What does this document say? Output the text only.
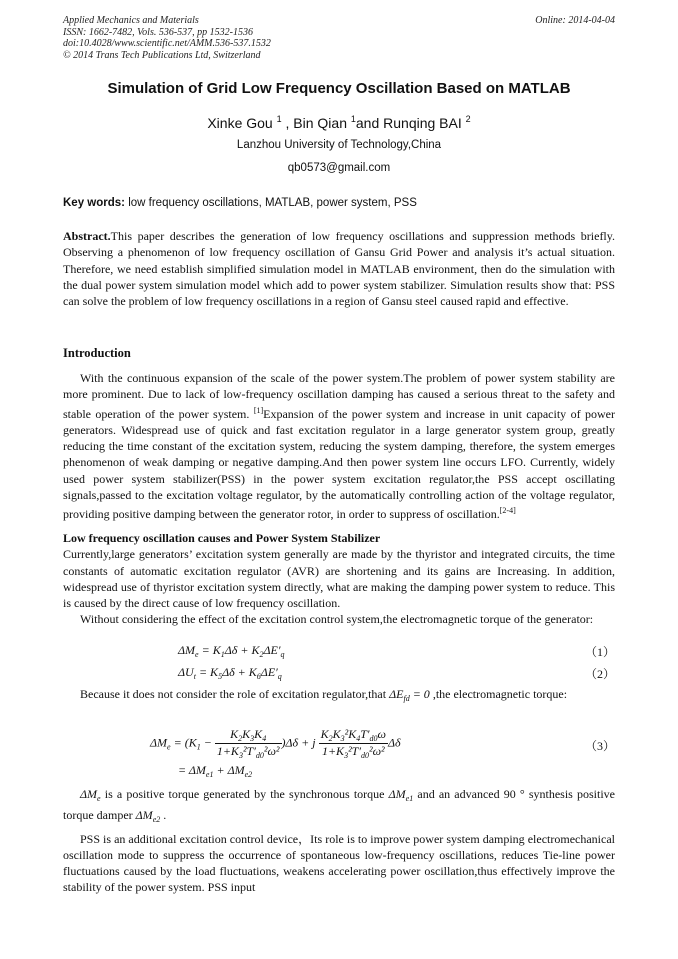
Applied Mechanics and Materials
ISSN: 1662-7482, Vols. 536-537, pp 1532-1536
doi:10.4028/www.scientific.net/AMM.536-537.1532
© 2014 Trans Tech Publications Ltd, Switzerland
Online: 2014-04-04
Simulation of Grid Low Frequency Oscillation Based on MATLAB
Xinke Gou $^1$ , Bin Qian $^1$and Runqing BAI $^2$
Lanzhou University of Technology,China
qb0573@gmail.com
Key words: low frequency oscillations, MATLAB, power system, PSS

Abstract.This paper describes the generation of low frequency oscillations and suppression methods briefly. Observing a phenomenon of low frequency oscillation of Gansu Grid Power and analysis it’s actual situation. Therefore, we need establish simplified simulation model in MATLAB environment, then do the simulation with the dual power system simulation model which add to power system stabilizer. Simulation results show that: PSS can solve the problem of low frequency oscillations in a region of Gansu steel caused rapid and effective.

Introduction

With the continuous expansion of the scale of the power system.The problem of power system stability are more prominent. Due to lack of low-frequency oscillation damping has caused a serious threat to the safety and stable operation of the power system. [1]Expansion of the power system and increase in unit capacity of power generators. Widespread use of quick and fast excitation regulator in a large generator system group, greatly reducing the time constant of the excitation system, reducing the system damping, therefore, the system emerges phenomenon of weak damping or negative damping.And then power system line occurs LFO. Currently, widely used power system stabilizer(PSS) in the power system excitation regulator,the PSS accept oscillating signals,passed to the excitation voltage regulator, by the automatically controlling action of the voltage regulator, providing positive damping between the generator rotor, in order to suppress of oscillation.[2-4]

Low frequency oscillation causes and Power System Stabilizer

Currently,large generators’ excitation system generally are made by the thyristor and integrated circuits, the time constants of automatic excitation regulator (AVR) are shortening and its gains are Increasing. In addition, widespread use of thyristor excitation system directly, what are making the damping power system to reduce. This is caused by the direct cause of low frequency oscillation.

Without considering the effect of the excitation control system,the electromagnetic torque of the generator:

$\Delta M_e = K_1\Delta\delta + K_2\Delta E'_q$	（1）
$\Delta U_t = K_5\Delta\delta + K_6\Delta E'_q$	（2）

Because it does not consider the role of excitation regulator,that $\Delta E_{fd} = 0$ ,the electromagnetic torque:

$\Delta M_e = (K_1 - \frac{K_2K_3K_4}{1+K_3^2T'_{d0}^2\omega^2} )\Delta\delta + j \frac{K_2K_3^2K_4T'_{d0}\omega}{1+K_3^2T'_{d0}^2\omega^2}$ Δδ	（3）
= $\Delta M_{e1} + \Delta M_{e2}$

$\Delta M_e$ is a positive torque generated by the synchronous torque $\Delta M_{e1}$ and an advanced 90 ° synthesis positive torque damper $\Delta M_{e2}$ .

PSS is an additional excitation control device，Its role is to improve power system damping electromechanical oscillation mode to suppress the occurrence of spontaneous low-frequency oscillations, reduces Tie-line power fluctuations caused by the load fluctuations, weakens accelerating power oscillation,thus effectively improve the stability of the power system. PSS input
